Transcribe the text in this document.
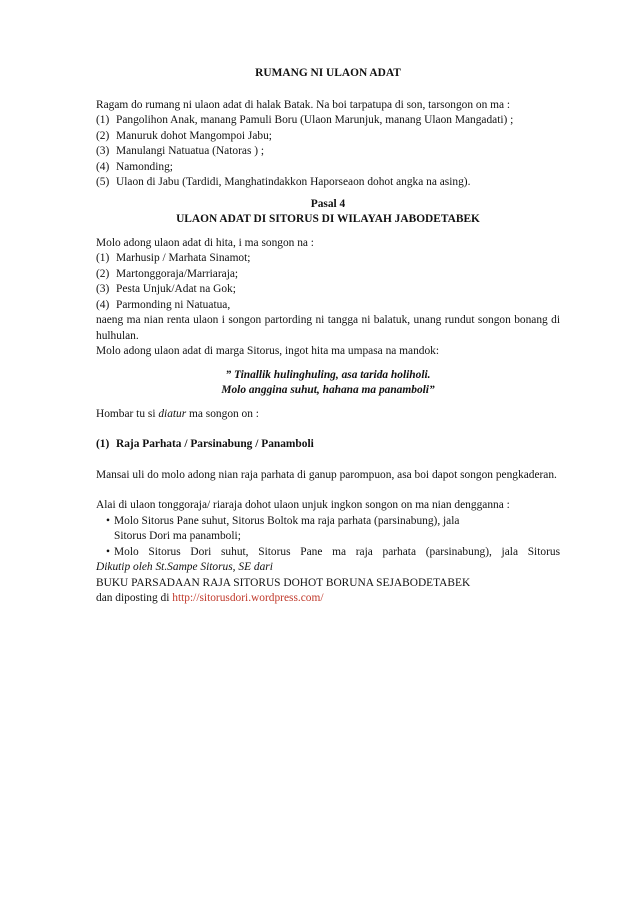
RUMANG NI ULAON ADAT

Ragam do rumang ni ulaon adat di halak Batak. Na boi tarpatupa di son, tarsongon on ma :

(1) Pangolihon Anak, manang Pamuli Boru (Ulaon Marunjuk, manang Ulaon Mangadati) ;
(2) Manuruk dohot Mangompoi Jabu;
(3) Manulangi Natuatua (Natoras ) ;
(4) Namonding;
(5) Ulaon di Jabu (Tardidi, Manghatindakkon Haporseaon dohot angka na asing).
Pasal 4
ULAON ADAT DI SITORUS DI WILAYAH JABODETABEK

Molo adong ulaon adat di hita, i ma songon na :

(1) Marhusip / Marhata Sinamot;
(2) Martonggoraja/Marriaraja;
(3) Pesta Unjuk/Adat na Gok;
(4) Parmonding ni Natuatua,

naeng ma nian renta ulaon i songon partording ni tangga ni balatuk, unang rundut songon bonang di hulhulan.

Molo adong ulaon adat di marga Sitorus, ingot hita ma umpasa na mandok:

” Tinallik hulinghuling, asa tarida holiholi.
Molo anggina suhut, hahana ma panamboli”

Hombar tu si diatur ma songon on :

(1) Raja Parhata / Parsinabung / Panamboli

Mansai uli do molo adong nian raja parhata di ganup parompuon, asa boi dapot songon pengkaderan.

Alai di ulaon tonggoraja/ riaraja dohot ulaon unjuk ingkon songon on ma nian dengganna :

• Molo Sitorus Pane suhut, Sitorus Boltok ma raja parhata (parsinabung), jala
Sitorus Dori ma panamboli;
• Molo Sitorus Dori suhut, Sitorus Pane ma raja parhata (parsinabung), jala Sitorus
Dikutip oleh St.Sampe Sitorus, SE dari
BUKU PARSADAAN RAJA SITORUS DOHOT BORUNA SEJABODETABEK
dan diposting di http://sitorusdori.wordpress.com/
